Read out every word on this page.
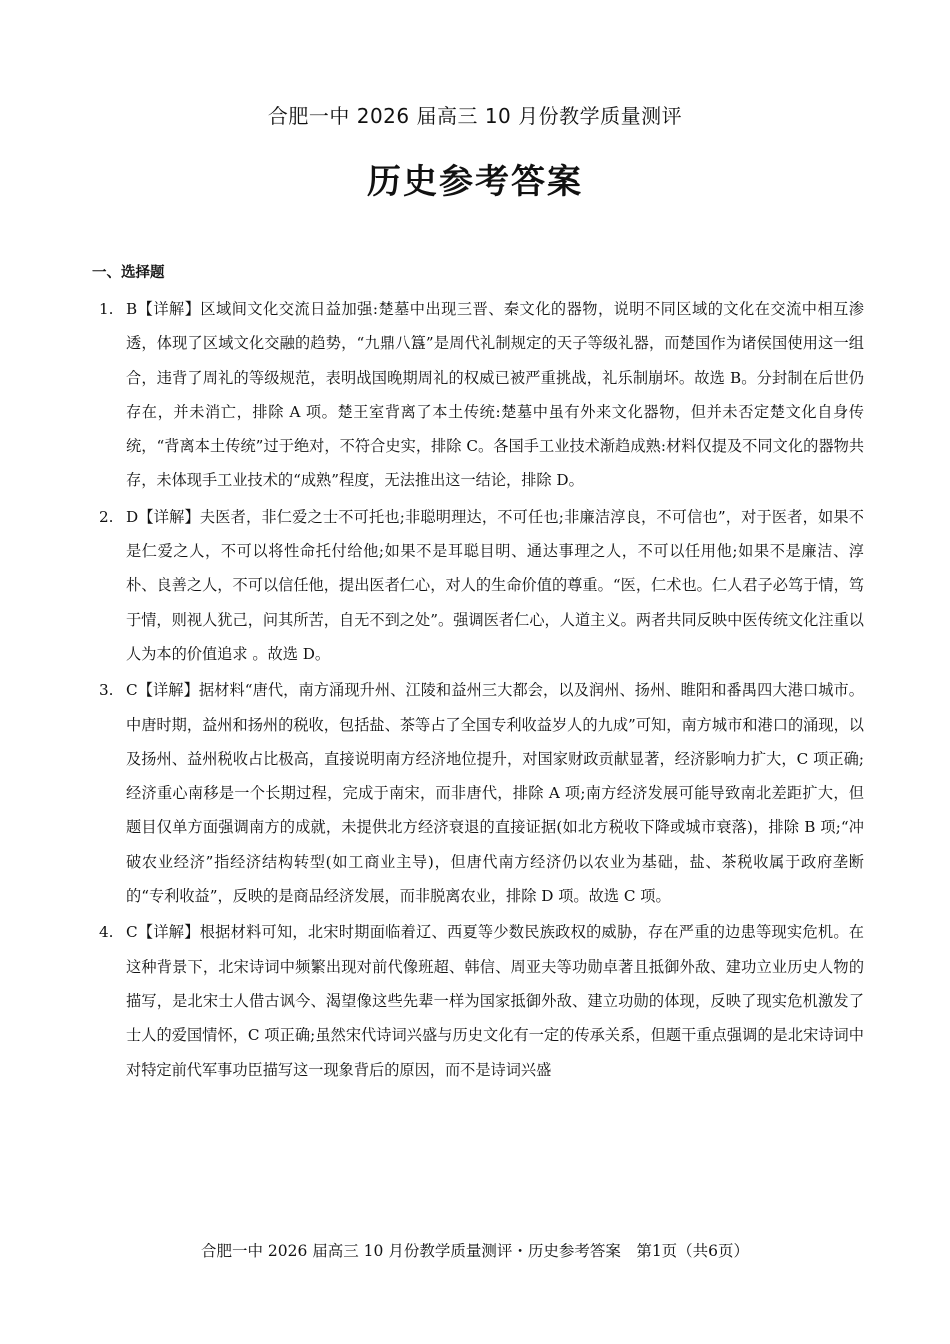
合肥一中 2026 届高三 10 月份教学质量测评
历史参考答案
一、选择题
1. B【详解】区域间文化交流日益加强:楚墓中出现三晋、秦文化的器物，说明不同区域的文化在交流中相互渗透，体现了区域文化交融的趋势，“九鼎八簋”是周代礼制规定的天子等级礼器，而楚国作为诸侯国使用这一组合，违背了周礼的等级规范，表明战国晚期周礼的权威已被严重挑战，礼乐制崩坏。故选 B。分封制在后世仍存在，并未消亡，排除 A 项。楚王室背离了本土传统:楚墓中虽有外来文化器物，但并未否定楚文化自身传统，“背离本土传统”过于绝对，不符合史实，排除 C。各国手工业技术渐趋成熟:材料仅提及不同文化的器物共存，未体现手工业技术的“成熟”程度，无法推出这一结论，排除 D。
2. D【详解】夫医者，非仁爱之士不可托也;非聪明理达，不可任也;非廉洁淳良，不可信也”，对于医者，如果不是仁爱之人，不可以将性命托付给他;如果不是耳聪目明、通达事理之人，不可以任用他;如果不是廉洁、淳朴、良善之人，不可以信任他，提出医者仁心，对人的生命价值的尊重。“医，仁术也。仁人君子必笃于情，笃于情，则视人犹己，问其所苦，自无不到之处”。强调医者仁心，人道主义。两者共同反映中医传统文化注重以人为本的价值追求 。故选 D。
3. C【详解】据材料“唐代，南方涌现升州、江陵和益州三大都会，以及润州、扬州、睢阳和番禺四大港口城市。中唐时期，益州和扬州的税收，包括盐、茶等占了全国专利收益岁人的九成”可知，南方城市和港口的涌现，以及扬州、益州税收占比极高，直接说明南方经济地位提升，对国家财政贡献显著，经济影响力扩大，C 项正确;经济重心南移是一个长期过程，完成于南宋，而非唐代，排除 A 项;南方经济发展可能导致南北差距扩大，但题目仅单方面强调南方的成就，未提供北方经济衰退的直接证据(如北方税收下降或城市衰落)，排除 B 项;“冲破农业经济”指经济结构转型(如工商业主导)，但唐代南方经济仍以农业为基础，盐、茶税收属于政府垄断的“专利收益”，反映的是商品经济发展，而非脱离农业，排除 D 项。故选 C 项。
4. C【详解】根据材料可知，北宋时期面临着辽、西夏等少数民族政权的威胁，存在严重的边患等现实危机。在这种背景下，北宋诗词中频繁出现对前代像班超、韩信、周亚夫等功勋卓著且抵御外敌、建功立业历史人物的描写，是北宋士人借古讽今、渴望像这些先辈一样为国家抵御外敌、建立功勋的体现，反映了现实危机激发了士人的爱国情怀，C 项正确;虽然宋代诗词兴盛与历史文化有一定的传承关系，但题干重点强调的是北宋诗词中对特定前代军事功臣描写这一现象背后的原因，而不是诗词兴盛
合肥一中 2026 届高三 10 月份教学质量测评・历史参考答案　第1页（共6页）
